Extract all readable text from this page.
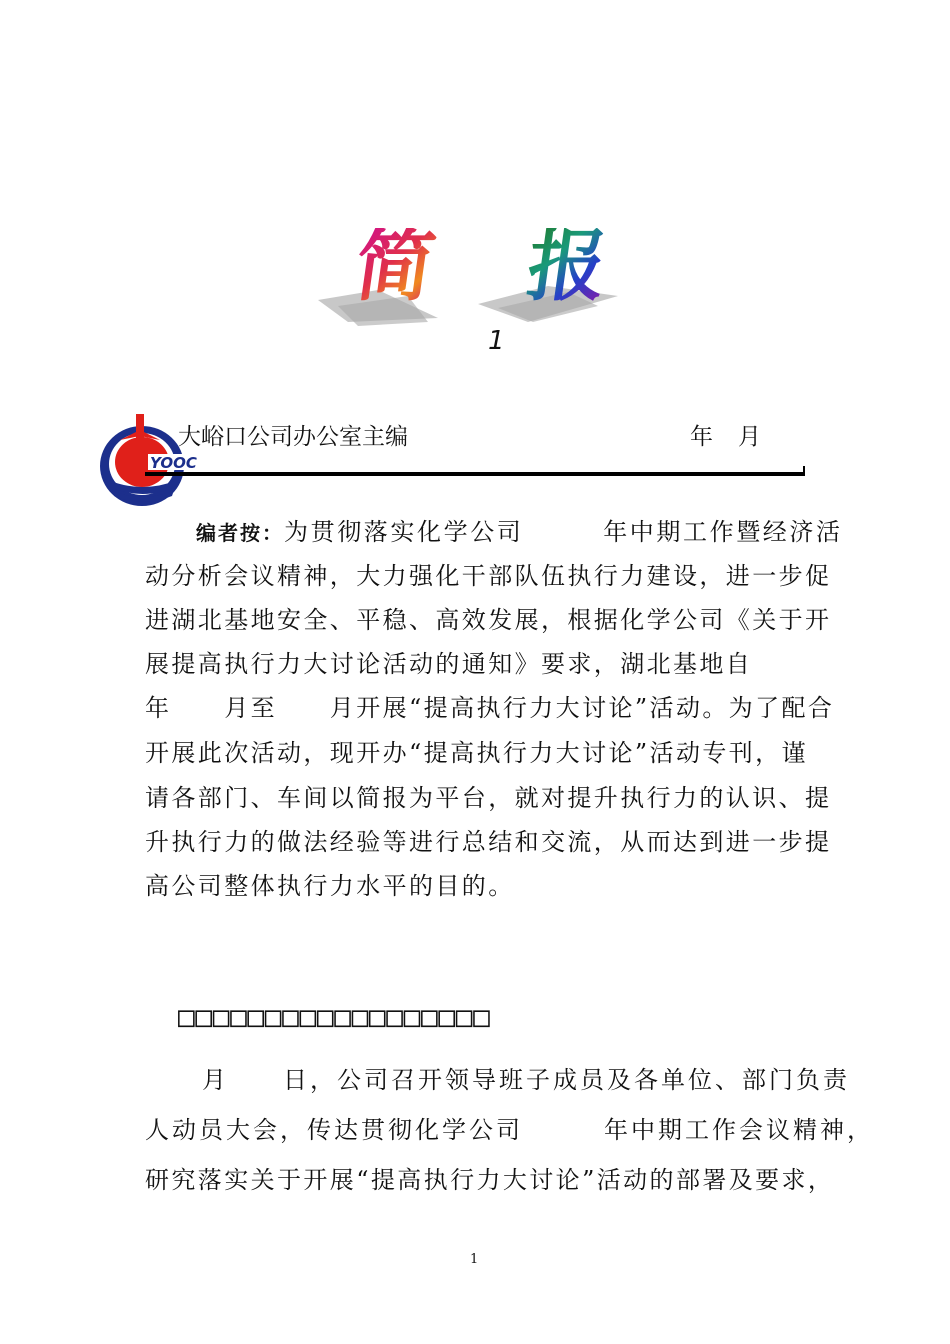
简 报
1
YOOC
大峪口公司办公室主编	年 月
编者按：为贯彻落实化学公司　　　年中期工作暨经济活
动分析会议精神，大力强化干部队伍执行力建设，进一步促
进湖北基地安全、平稳、高效发展，根据化学公司《关于开
展提高执行力大讨论活动的通知》要求，湖北基地自
年　　月至　　月开展“提高执行力大讨论”活动。为了配合
开展此次活动，现开办“提高执行力大讨论”活动专刊，谨
请各部门、车间以简报为平台，就对提升执行力的认识、提
升执行力的做法经验等进行总结和交流，从而达到进一步提
高公司整体执行力水平的目的。
□□□□□□□□□□□□□□□□□□
　月　　日，公司召开领导班子成员及各单位、部门负责
人动员大会，传达贯彻化学公司　　　年中期工作会议精神，
研究落实关于开展“提高执行力大讨论”活动的部署及要求，
1
